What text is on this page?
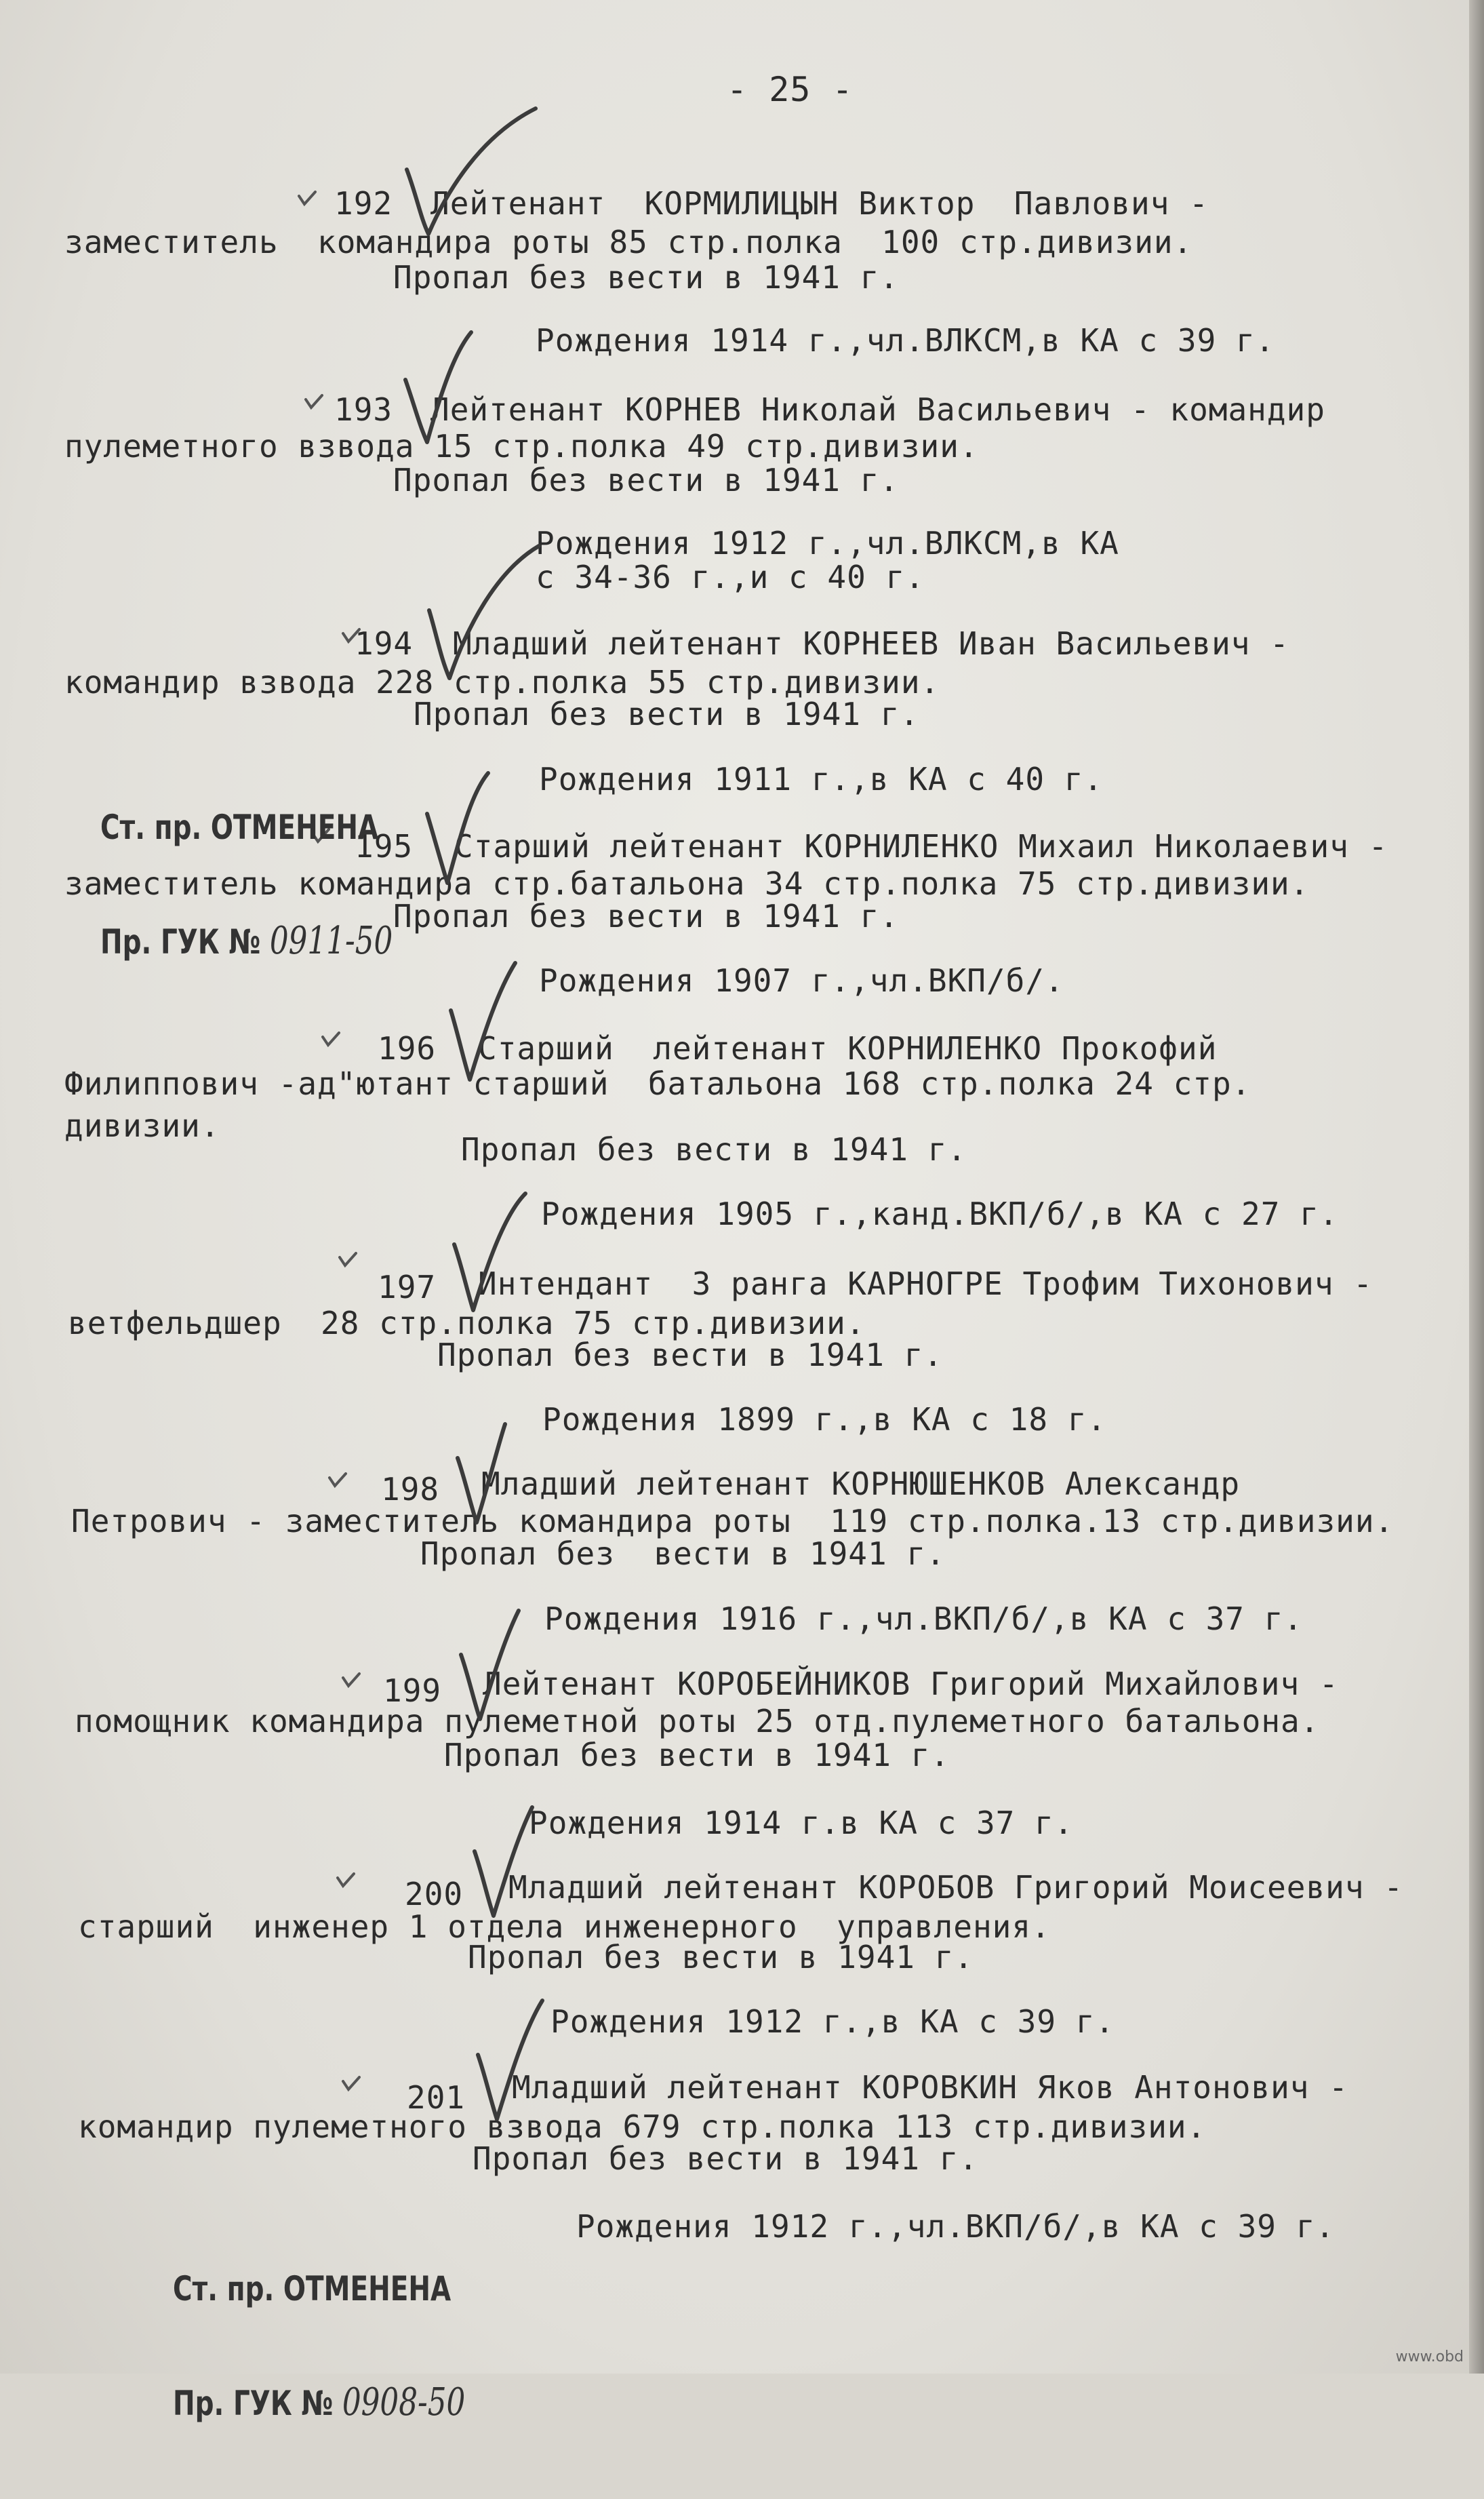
- 25 -
192 Лейтенант  КОРМИЛИЦЫН Виктор  Павлович -
заместитель  командира роты 85 стр.полка  100 стр.дивизии.
Пропал без вести в 1941 г.
Рождения 1914 г.,чл.ВЛКСМ,в КА с 39 г.
193 Лейтенант КОРНЕВ Николай Васильевич - командир
пулеметного взвода 15 стр.полка 49 стр.дивизии.
Пропал без вести в 1941 г.
Рождения 1912 г.,чл.ВЛКСМ,в КА
с 34-36 г.,и с 40 г.
194 Младший лейтенант КОРНЕЕВ Иван Васильевич -
командир взвода 228 стр.полка 55 стр.дивизии.
Пропал без вести в 1941 г.
Рождения 1911 г.,в КА с 40 г.
195 Старший лейтенант КОРНИЛЕНКО Михаил Николаевич -
заместитель командира стр.батальона 34 стр.полка 75 стр.дивизии.
Пропал без вести в 1941 г.
Рождения 1907 г.,чл.ВКП/б/.
196 Старший  лейтенант КОРНИЛЕНКО Прокофий
Филиппович -ад"ютант старший  батальона 168 стр.полка 24 стр.
дивизии.
Пропал без вести в 1941 г.
Рождения 1905 г.,канд.ВКП/б/,в КА с 27 г.
197 Интендант  3 ранга КАРНОГРЕ Трофим Тихонович -
ветфельдшер  28 стр.полка 75 стр.дивизии.
Пропал без вести в 1941 г.
Рождения 1899 г.,в КА с 18 г.
198 Младший лейтенант КОРНЮШЕНКОВ Александр
Петрович - заместитель командира роты  119 стр.полка.13 стр.дивизии.
Пропал без  вести в 1941 г.
Рождения 1916 г.,чл.ВКП/б/,в КА с 37 г.
199 Лейтенант КОРОБЕЙНИКОВ Григорий Михайлович -
помощник командира пулеметной роты 25 отд.пулеметного батальона.
Пропал без вести в 1941 г.
Рождения 1914 г.в КА с 37 г.
200 Младший лейтенант КОРОБОВ Григорий Моисеевич -
старший  инженер 1 отдела инженерного  управления.
Пропал без вести в 1941 г.
Рождения 1912 г.,в КА с 39 г.
201 Младший лейтенант КОРОВКИН Яков Антонович -
командир пулеметного взвода 679 стр.полка 113 стр.дивизии.
Пропал без вести в 1941 г.
Рождения 1912 г.,чл.ВКП/б/,в КА с 39 г.

Ст. пр. ОТМЕНЕНА

Пр. ГУК № 0911-50

Ст. пр. ОТМЕНЕНА

Пр. ГУК № 0908-50

www.obd
